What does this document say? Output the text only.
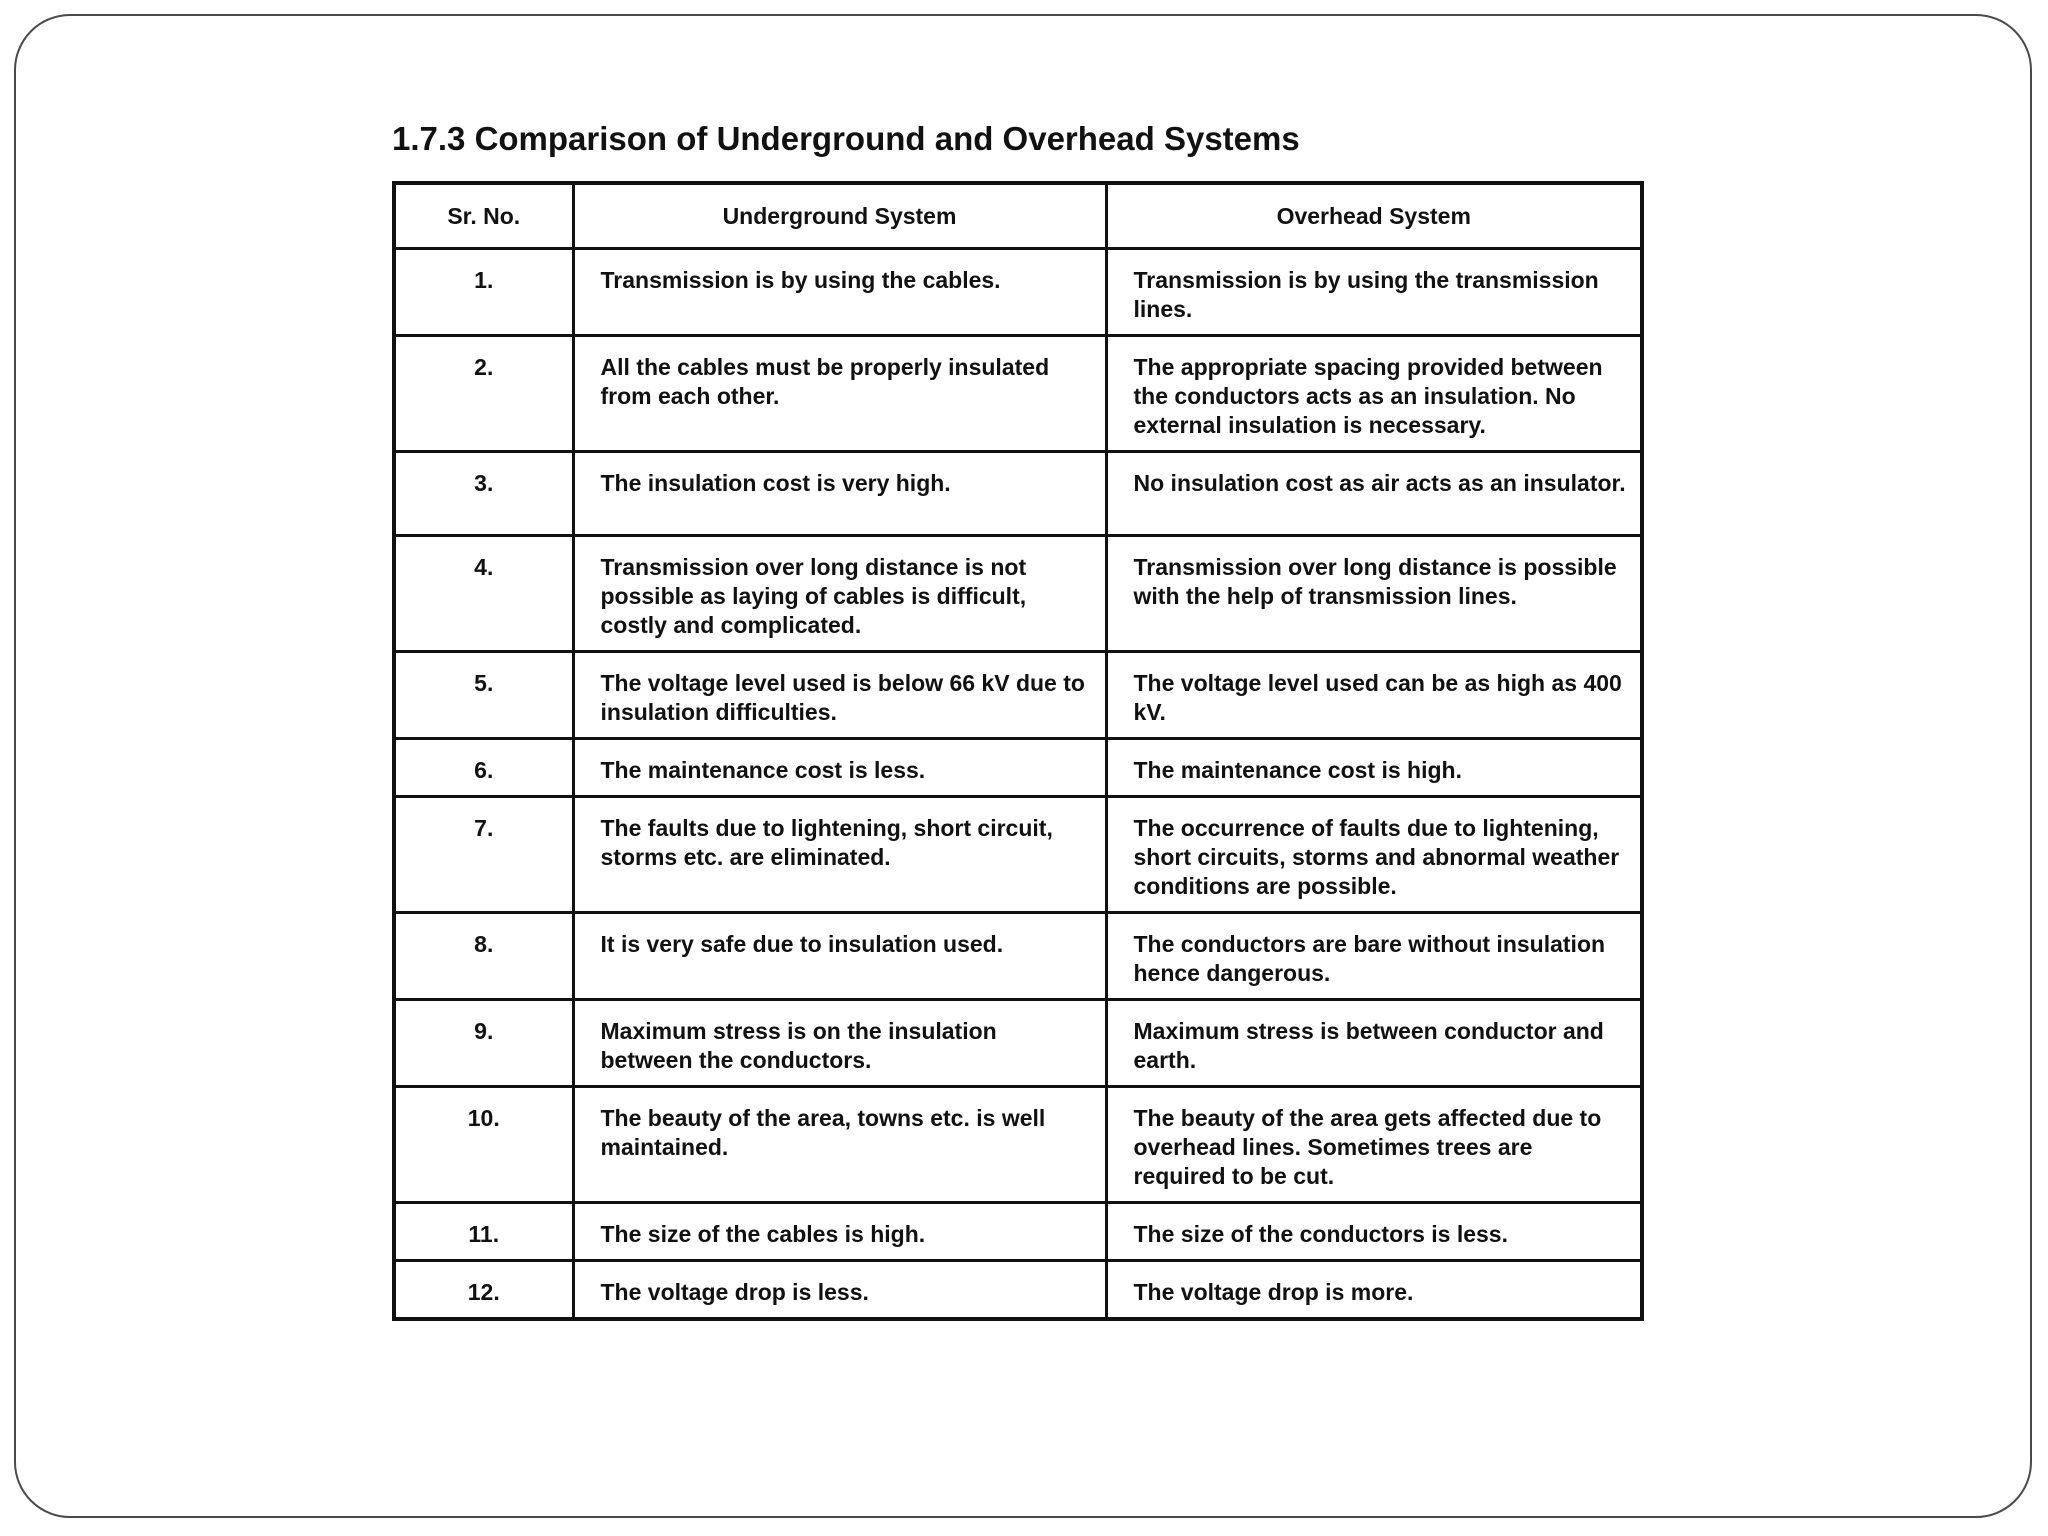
1.7.3 Comparison of Underground and Overhead Systems
Sr. No.	Underground System	Overhead System
1.	Transmission is by using the cables.	Transmission is by using the transmission lines.
2.	All the cables must be properly insulated from each other.	The appropriate spacing provided between the conductors acts as an insulation. No external insulation is necessary.
3.	The insulation cost is very high.	No insulation cost as air acts as an insulator.
4.	Transmission over long distance is not possible as laying of cables is difficult, costly and complicated.	Transmission over long distance is possible with the help of transmission lines.
5.	The voltage level used is below 66 kV due to insulation difficulties.	The voltage level used can be as high as 400 kV.
6.	The maintenance cost is less.	The maintenance cost is high.
7.	The faults due to lightening, short circuit, storms etc. are eliminated.	The occurrence of faults due to lightening, short circuits, storms and abnormal weather conditions are possible.
8.	It is very safe due to insulation used.	The conductors are bare without insulation hence dangerous.
9.	Maximum stress is on the insulation between the conductors.	Maximum stress is between conductor and earth.
10.	The beauty of the area, towns etc. is well maintained.	The beauty of the area gets affected due to overhead lines. Sometimes trees are required to be cut.
11.	The size of the cables is high.	The size of the conductors is less.
12.	The voltage drop is less.	The voltage drop is more.
